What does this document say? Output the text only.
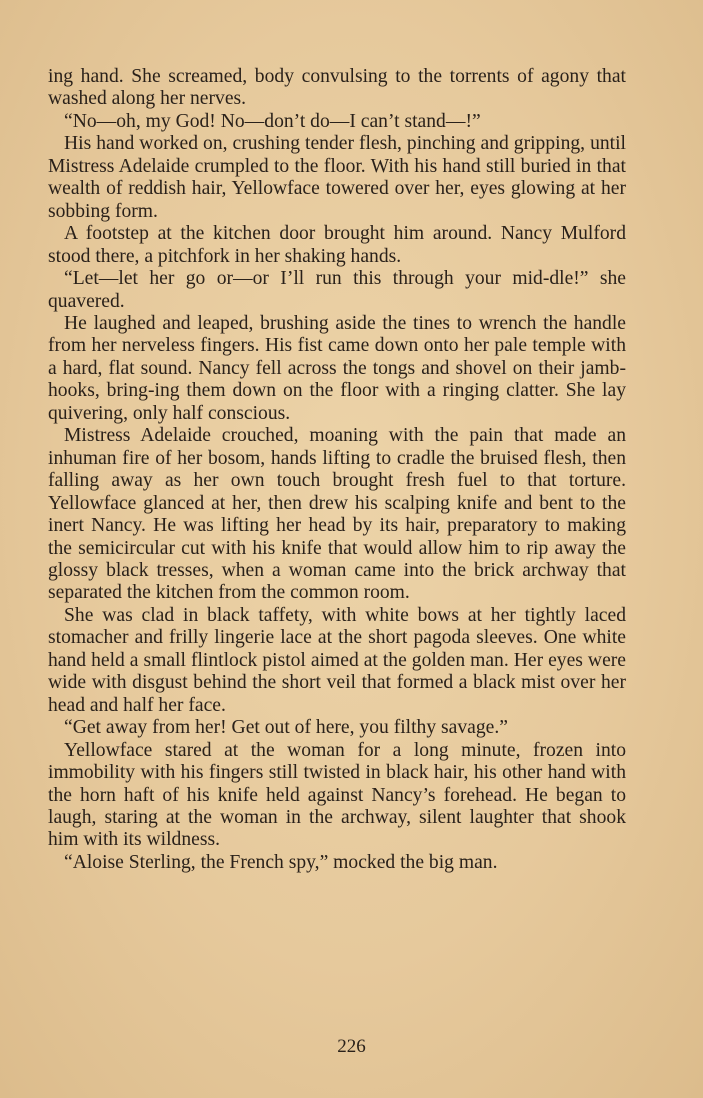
ing hand. She screamed, body convulsing to the torrents of agony that washed along her nerves.

“No—oh, my God! No—don’t do—I can’t stand—!”

His hand worked on, crushing tender flesh, pinching and gripping, until Mistress Adelaide crumpled to the floor. With his hand still buried in that wealth of reddish hair, Yellowface towered over her, eyes glowing at her sobbing form.

A footstep at the kitchen door brought him around. Nancy Mulford stood there, a pitchfork in her shaking hands.

“Let—let her go or—or I’ll run this through your mid-dle!” she quavered.

He laughed and leaped, brushing aside the tines to wrench the handle from her nerveless fingers. His fist came down onto her pale temple with a hard, flat sound. Nancy fell across the tongs and shovel on their jamb-hooks, bring-ing them down on the floor with a ringing clatter. She lay quivering, only half conscious.

Mistress Adelaide crouched, moaning with the pain that made an inhuman fire of her bosom, hands lifting to cradle the bruised flesh, then falling away as her own touch brought fresh fuel to that torture. Yellowface glanced at her, then drew his scalping knife and bent to the inert Nancy. He was lifting her head by its hair, preparatory to making the semicircular cut with his knife that would allow him to rip away the glossy black tresses, when a woman came into the brick archway that separated the kitchen from the common room.

She was clad in black taffety, with white bows at her tightly laced stomacher and frilly lingerie lace at the short pagoda sleeves. One white hand held a small flintlock pistol aimed at the golden man. Her eyes were wide with disgust behind the short veil that formed a black mist over her head and half her face.

“Get away from her! Get out of here, you filthy savage.”

Yellowface stared at the woman for a long minute, frozen into immobility with his fingers still twisted in black hair, his other hand with the horn haft of his knife held against Nancy’s forehead. He began to laugh, staring at the woman in the archway, silent laughter that shook him with its wildness.

“Aloise Sterling, the French spy,” mocked the big man.

226
